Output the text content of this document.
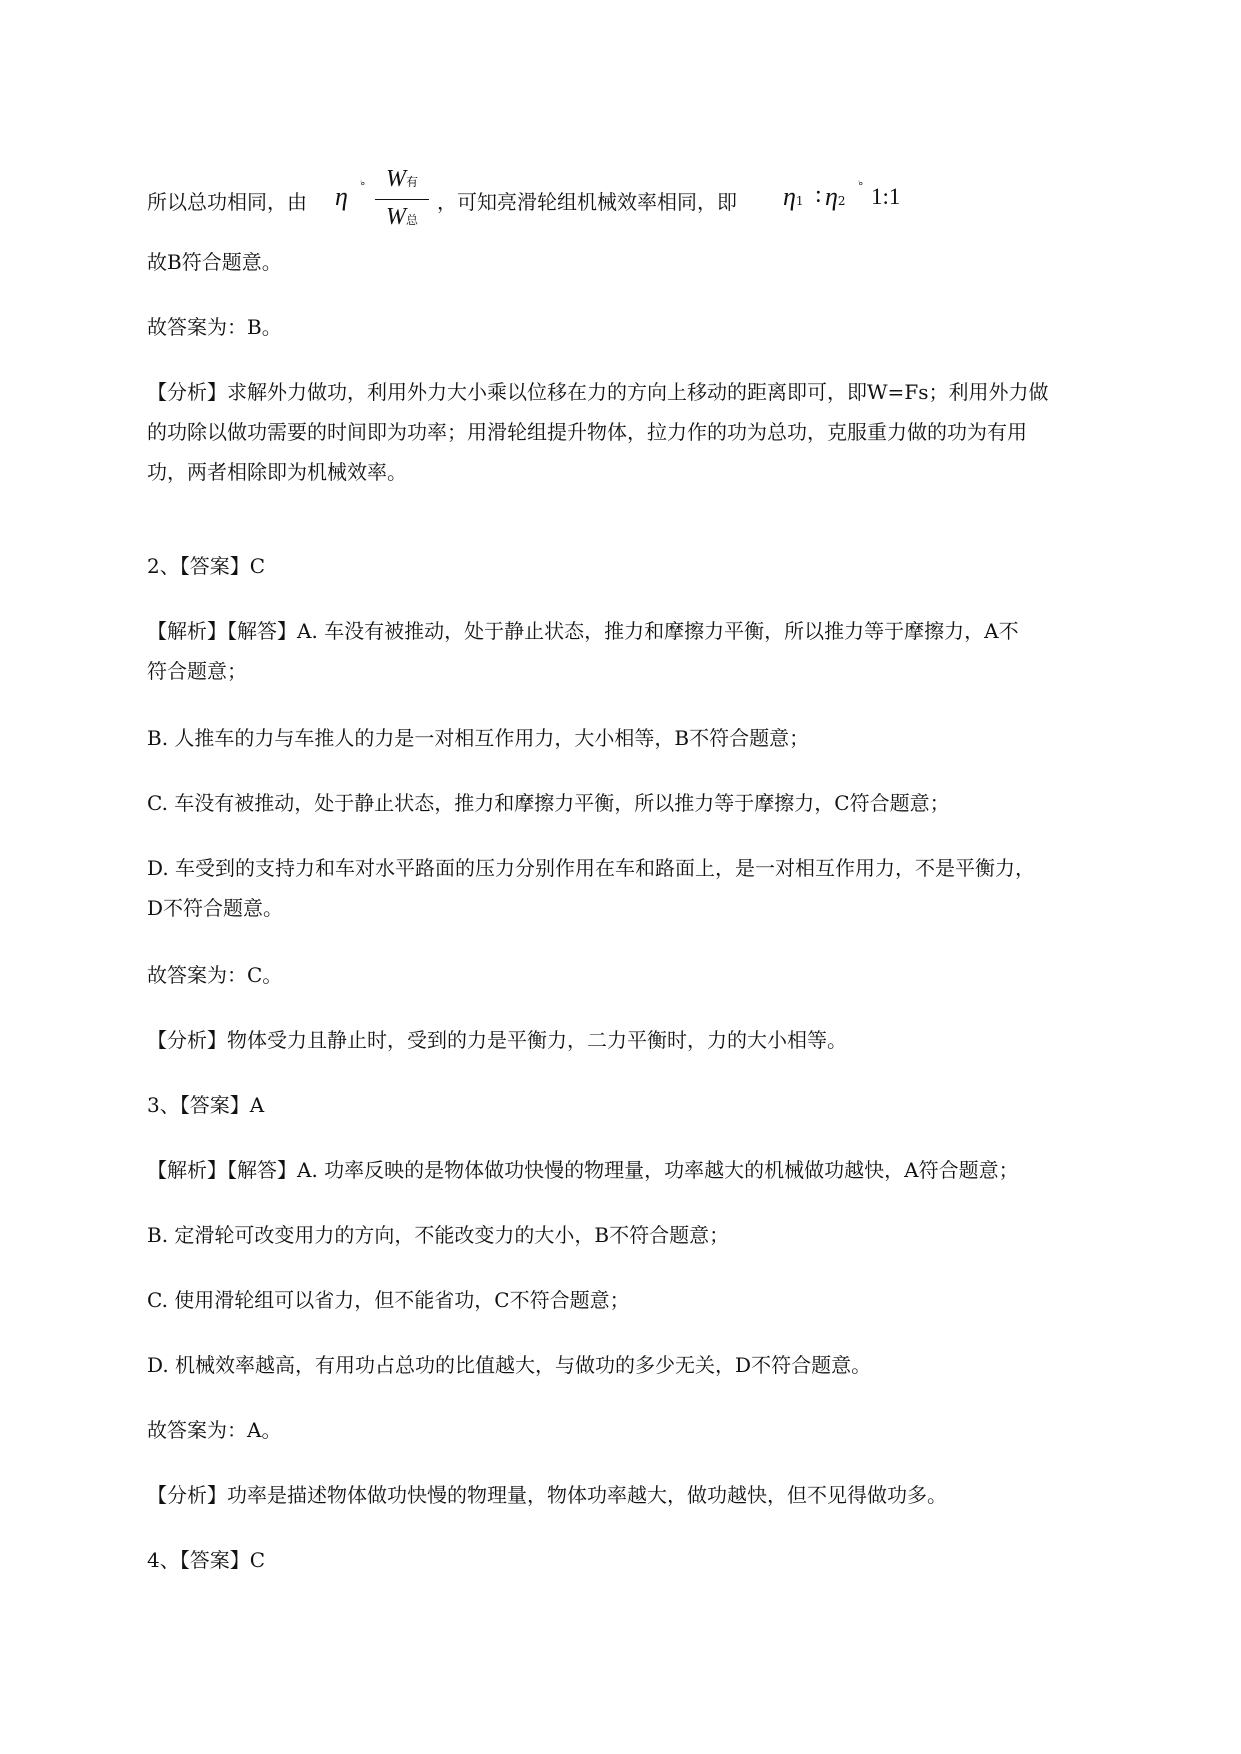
所以总功相同，由 η ׄ° W有
W总
，可知亮滑轮组机械效率相同，即 η1 : η2
ׄ° 1:1
故B符合题意。
故答案为：B。
【分析】求解外力做功，利用外力大小乘以位移在力的方向上移动的距离即可，即W=Fs；利用外力做
的功除以做功需要的时间即为功率；用滑轮组提升物体，拉力作的功为总功，克服重力做的功为有用
功，两者相除即为机械效率。
2、【答案】C
【解析】【解答】A. 车没有被推动，处于静止状态，推力和摩擦力平衡，所以推力等于摩擦力，A不
符合题意；
B. 人推车的力与车推人的力是一对相互作用力，大小相等，B不符合题意；
C. 车没有被推动，处于静止状态，推力和摩擦力平衡，所以推力等于摩擦力，C符合题意；
D. 车受到的支持力和车对水平路面的压力分别作用在车和路面上，是一对相互作用力，不是平衡力，
D不符合题意。
故答案为：C。
【分析】物体受力且静止时，受到的力是平衡力，二力平衡时，力的大小相等。
3、【答案】A
【解析】【解答】A. 功率反映的是物体做功快慢的物理量，功率越大的机械做功越快，A符合题意；
B. 定滑轮可改变用力的方向，不能改变力的大小，B不符合题意；
C. 使用滑轮组可以省力，但不能省功，C不符合题意；
D. 机械效率越高，有用功占总功的比值越大，与做功的多少无关，D不符合题意。
故答案为：A。
【分析】功率是描述物体做功快慢的物理量，物体功率越大，做功越快，但不见得做功多。
4、【答案】C
